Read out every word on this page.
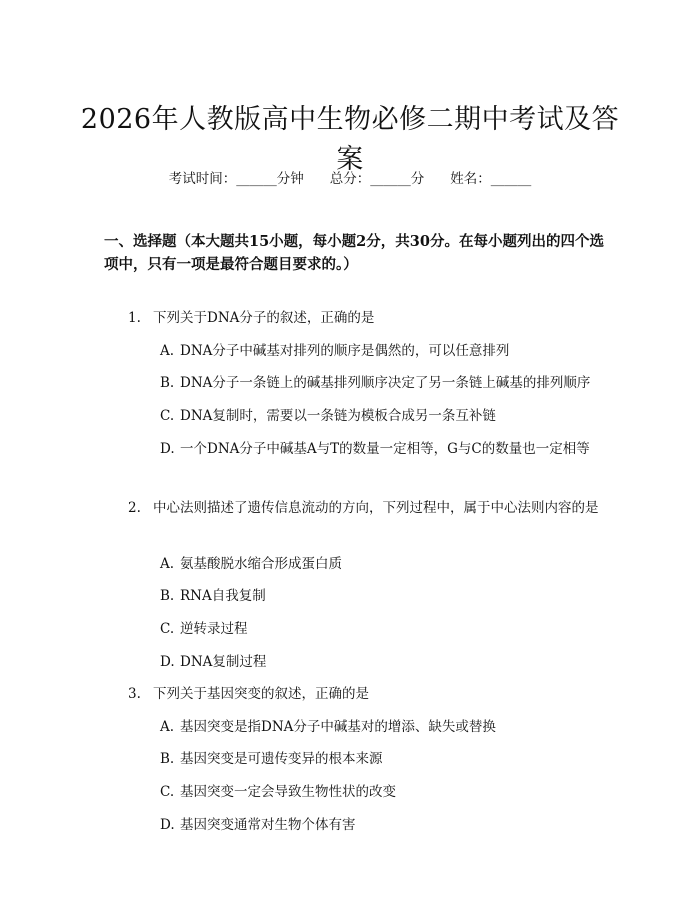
2026年人教版高中生物必修二期中考试及答案
考试时间：______分钟 总分：______分 姓名：______
一、选择题（本大题共15小题，每小题2分，共30分。在每小题列出的四个选项中，只有一项是最符合题目要求的。）
1. 下列关于DNA分子的叙述，正确的是
A. DNA分子中碱基对排列的顺序是偶然的，可以任意排列
B. DNA分子一条链上的碱基排列顺序决定了另一条链上碱基的排列顺序
C. DNA复制时，需要以一条链为模板合成另一条互补链
D. 一个DNA分子中碱基A与T的数量一定相等，G与C的数量也一定相等
2. 中心法则描述了遗传信息流动的方向，下列过程中，属于中心法则内容的是
A. 氨基酸脱水缩合形成蛋白质
B. RNA自我复制
C. 逆转录过程
D. DNA复制过程
3. 下列关于基因突变的叙述，正确的是
A. 基因突变是指DNA分子中碱基对的增添、缺失或替换
B. 基因突变是可遗传变异的根本来源
C. 基因突变一定会导致生物性状的改变
D. 基因突变通常对生物个体有害
